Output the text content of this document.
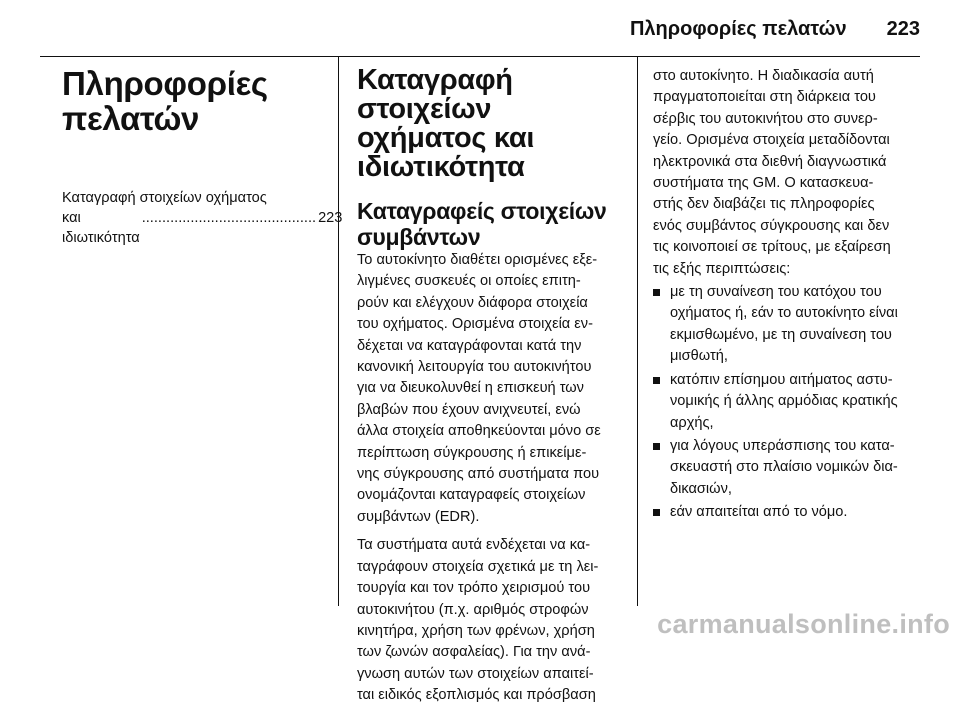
Πληροφορίες πελατών 223
Πληροφορίες
πελατών
Καταγραφή στοιχείων οχήματος
και ιδιωτικότητα
........................................... 223
Καταγραφή στοιχείων
οχήματος και
ιδιωτικότητα
Καταγραφείς στοιχείων
συμβάντων

Το αυτοκίνητο διαθέτει ορισμένες εξε-
λιγμένες συσκευές οι οποίες επιτη-
ρούν και ελέγχουν διάφορα στοιχεία
του οχήματος. Ορισμένα στοιχεία εν-
δέχεται να καταγράφονται κατά την
κανονική λειτουργία του αυτοκινήτου
για να διευκολυνθεί η επισκευή των
βλαβών που έχουν ανιχνευτεί, ενώ
άλλα στοιχεία αποθηκεύονται μόνο σε
περίπτωση σύγκρουσης ή επικείμε-
νης σύγκρουσης από συστήματα που
ονομάζονται καταγραφείς στοιχείων
συμβάντων (EDR).

Τα συστήματα αυτά ενδέχεται να κα-
ταγράφουν στοιχεία σχετικά με τη λει-
τουργία και τον τρόπο χειρισμού του
αυτοκινήτου (π.χ. αριθμός στροφών
κινητήρα, χρήση των φρένων, χρήση
των ζωνών ασφαλείας). Για την ανά-
γνωση αυτών των στοιχείων απαιτεί-
ται ειδικός εξοπλισμός και πρόσβαση

στο αυτοκίνητο. Η διαδικασία αυτή
πραγματοποιείται στη διάρκεια του
σέρβις του αυτοκινήτου στο συνερ-
γείο. Ορισμένα στοιχεία μεταδίδονται
ηλεκτρονικά στα διεθνή διαγνωστικά
συστήματα της GM. Ο κατασκευα-
στής δεν διαβάζει τις πληροφορίες
ενός συμβάντος σύγκρουσης και δεν
τις κοινοποιεί σε τρίτους, με εξαίρεση
τις εξής περιπτώσεις:

με τη συναίνεση του κατόχου του
οχήματος ή, εάν το αυτοκίνητο είναι
εκμισθωμένο, με τη συναίνεση του
μισθωτή,
κατόπιν επίσημου αιτήματος αστυ-
νομικής ή άλλης αρμόδιας κρατικής
αρχής,
για λόγους υπεράσπισης του κατα-
σκευαστή στο πλαίσιο νομικών δια-
δικασιών,
εάν απαιτείται από το νόμο.
carmanualsonline.info
